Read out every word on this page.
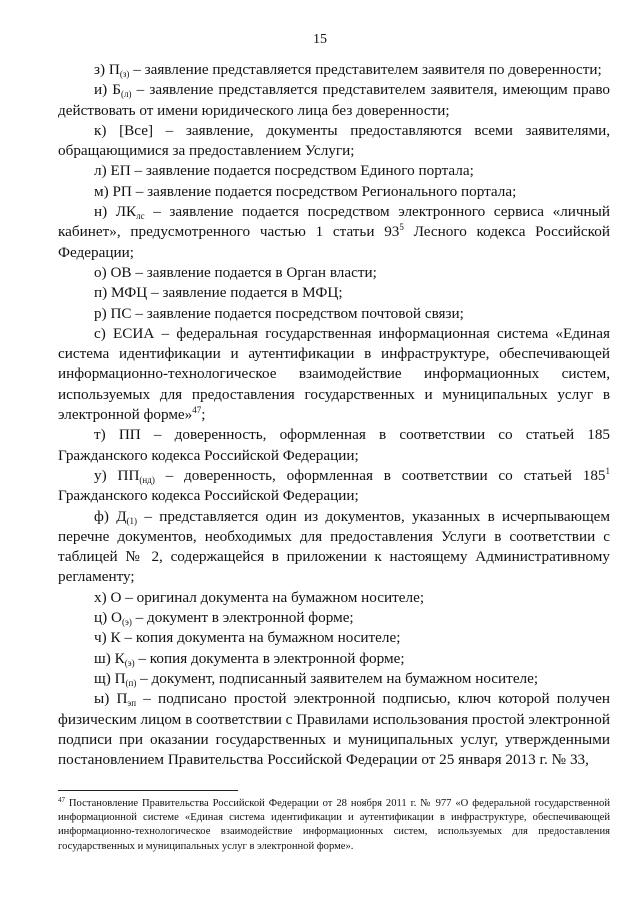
15

з) $П_{(з)}$ – заявление представляется представителем заявителя по доверенности;

и) $Б_{(л)}$ – заявление представляется представителем заявителя, имеющим право действовать от имени юридического лица без доверенности;

к) [Все] – заявление, документы предоставляются всеми заявителями, обращающимися за предоставлением Услуги;

л) ЕП – заявление подается посредством Единого портала;

м) РП – заявление подается посредством Регионального портала;

н) $ЛК_{лс}$ – заявление подается посредством электронного сервиса «личный кабинет», предусмотренного частью 1 статьи $93^5$ Лесного кодекса Российской Федерации;

о) ОВ – заявление подается в Орган власти;

п) МФЦ – заявление подается в МФЦ;

р) ПС – заявление подается посредством почтовой связи;

с) ЕСИА – федеральная государственная информационная система «Единая система идентификации и аутентификации в инфраструктуре, обеспечивающей информационно-технологическое взаимодействие информационных систем, используемых для предоставления государственных и муниципальных услуг в электронной форме»$^{47}$;

т) ПП – доверенность, оформленная в соответствии со статьей 185 Гражданского кодекса Российской Федерации;

у) $ПП_{(нд)}$ – доверенность, оформленная в соответствии со статьей $185^1$ Гражданского кодекса Российской Федерации;

ф) $Д_{(1)}$ – представляется один из документов, указанных в исчерпывающем перечне документов, необходимых для предоставления Услуги в соответствии с таблицей № 2, содержащейся в приложении к настоящему Административному регламенту;

х) О – оригинал документа на бумажном носителе;

ц) $О_{(э)}$ – документ в электронной форме;

ч) К – копия документа на бумажном носителе;

ш) $К_{(э)}$ – копия документа в электронной форме;

щ) $П_{(п)}$ – документ, подписанный заявителем на бумажном носителе;

ы) $П_{эп}$ – подписано простой электронной подписью, ключ которой получен физическим лицом в соответствии с Правилами использования простой электронной подписи при оказании государственных и муниципальных услуг, утвержденными постановлением Правительства Российской Федерации от 25 января 2013 г. № 33,

$^{47}$ Постановление Правительства Российской Федерации от 28 ноября 2011 г. № 977 «О федеральной государственной информационной системе «Единая система идентификации и аутентификации в инфраструктуре, обеспечивающей информационно-технологическое взаимодействие информационных систем, используемых для предоставления государственных и муниципальных услуг в электронной форме».
